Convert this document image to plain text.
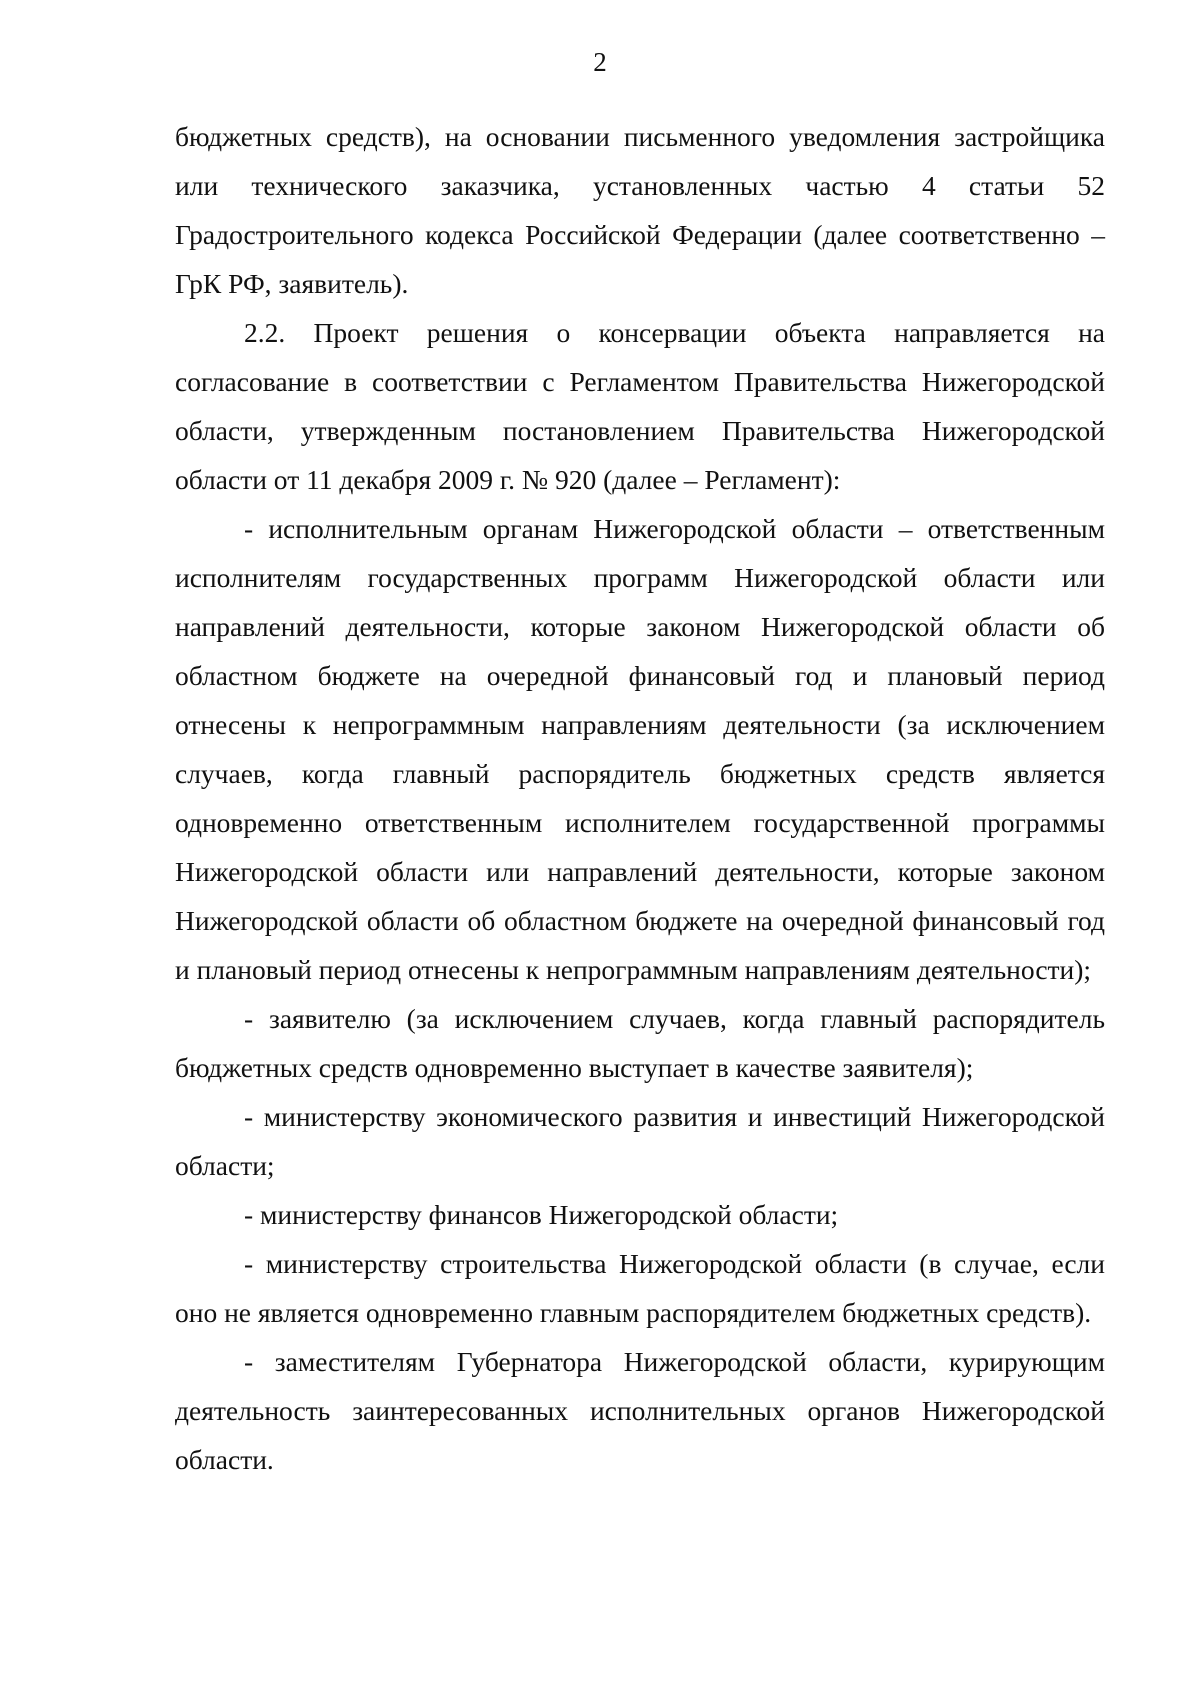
2

бюджетных средств), на основании письменного уведомления застройщика или технического заказчика, установленных частью 4 статьи 52 Градостроительного кодекса Российской Федерации (далее соответственно – ГрК РФ, заявитель).

2.2. Проект решения о консервации объекта направляется на согласование в соответствии с Регламентом Правительства Нижегородской области, утвержденным постановлением Правительства Нижегородской области от 11 декабря 2009 г. № 920 (далее – Регламент):

- исполнительным органам Нижегородской области – ответственным исполнителям государственных программ Нижегородской области или направлений деятельности, которые законом Нижегородской области об областном бюджете на очередной финансовый год и плановый период отнесены к непрограммным направлениям деятельности (за исключением случаев, когда главный распорядитель бюджетных средств является одновременно ответственным исполнителем государственной программы Нижегородской области или направлений деятельности, которые законом Нижегородской области об областном бюджете на очередной финансовый год и плановый период отнесены к непрограммным направлениям деятельности);

- заявителю (за исключением случаев, когда главный распорядитель бюджетных средств одновременно выступает в качестве заявителя);

- министерству экономического развития и инвестиций Нижегородской области;

- министерству финансов Нижегородской области;

- министерству строительства Нижегородской области (в случае, если оно не является одновременно главным распорядителем бюджетных средств).

- заместителям Губернатора Нижегородской области, курирующим деятельность заинтересованных исполнительных органов Нижегородской области.
